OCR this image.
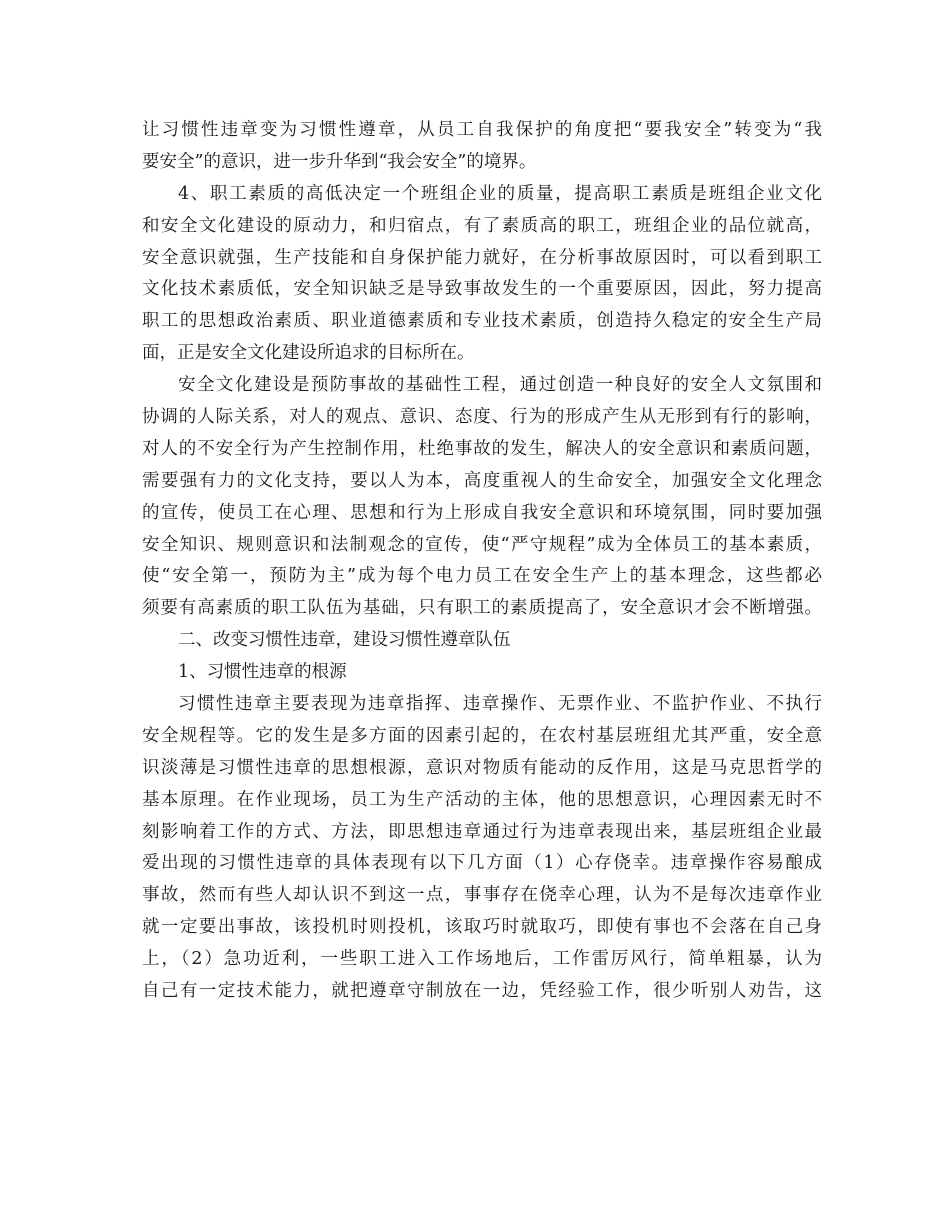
让习惯性违章变为习惯性遵章，从员工自我保护的角度把“要我安全”转变为“我
要安全”的意识，进一步升华到“我会安全”的境界。
4、职工素质的高低决定一个班组企业的质量，提高职工素质是班组企业文化
和安全文化建设的原动力，和归宿点，有了素质高的职工，班组企业的品位就高，
安全意识就强，生产技能和自身保护能力就好，在分析事故原因时，可以看到职工
文化技术素质低，安全知识缺乏是导致事故发生的一个重要原因，因此，努力提高
职工的思想政治素质、职业道德素质和专业技术素质，创造持久稳定的安全生产局
面，正是安全文化建设所追求的目标所在。
安全文化建设是预防事故的基础性工程，通过创造一种良好的安全人文氛围和
协调的人际关系，对人的观点、意识、态度、行为的形成产生从无形到有行的影响，
对人的不安全行为产生控制作用，杜绝事故的发生，解决人的安全意识和素质问题，
需要强有力的文化支持，要以人为本，高度重视人的生命安全，加强安全文化理念
的宣传，使员工在心理、思想和行为上形成自我安全意识和环境氛围，同时要加强
安全知识、规则意识和法制观念的宣传，使“严守规程”成为全体员工的基本素质，
使“安全第一，预防为主”成为每个电力员工在安全生产上的基本理念，这些都必
须要有高素质的职工队伍为基础，只有职工的素质提高了，安全意识才会不断增强。
二、改变习惯性违章，建设习惯性遵章队伍
1、习惯性违章的根源
习惯性违章主要表现为违章指挥、违章操作、无票作业、不监护作业、不执行
安全规程等。它的发生是多方面的因素引起的，在农村基层班组尤其严重，安全意
识淡薄是习惯性违章的思想根源，意识对物质有能动的反作用，这是马克思哲学的
基本原理。在作业现场，员工为生产活动的主体，他的思想意识，心理因素无时不
刻影响着工作的方式、方法，即思想违章通过行为违章表现出来，基层班组企业最
爱出现的习惯性违章的具体表现有以下几方面（1）心存侥幸。违章操作容易酿成
事故，然而有些人却认识不到这一点，事事存在侥幸心理，认为不是每次违章作业
就一定要出事故，该投机时则投机，该取巧时就取巧，即使有事也不会落在自己身
上，（2）急功近利，一些职工进入工作场地后，工作雷厉风行，简单粗暴，认为
自己有一定技术能力，就把遵章守制放在一边，凭经验工作，很少听别人劝告，这
